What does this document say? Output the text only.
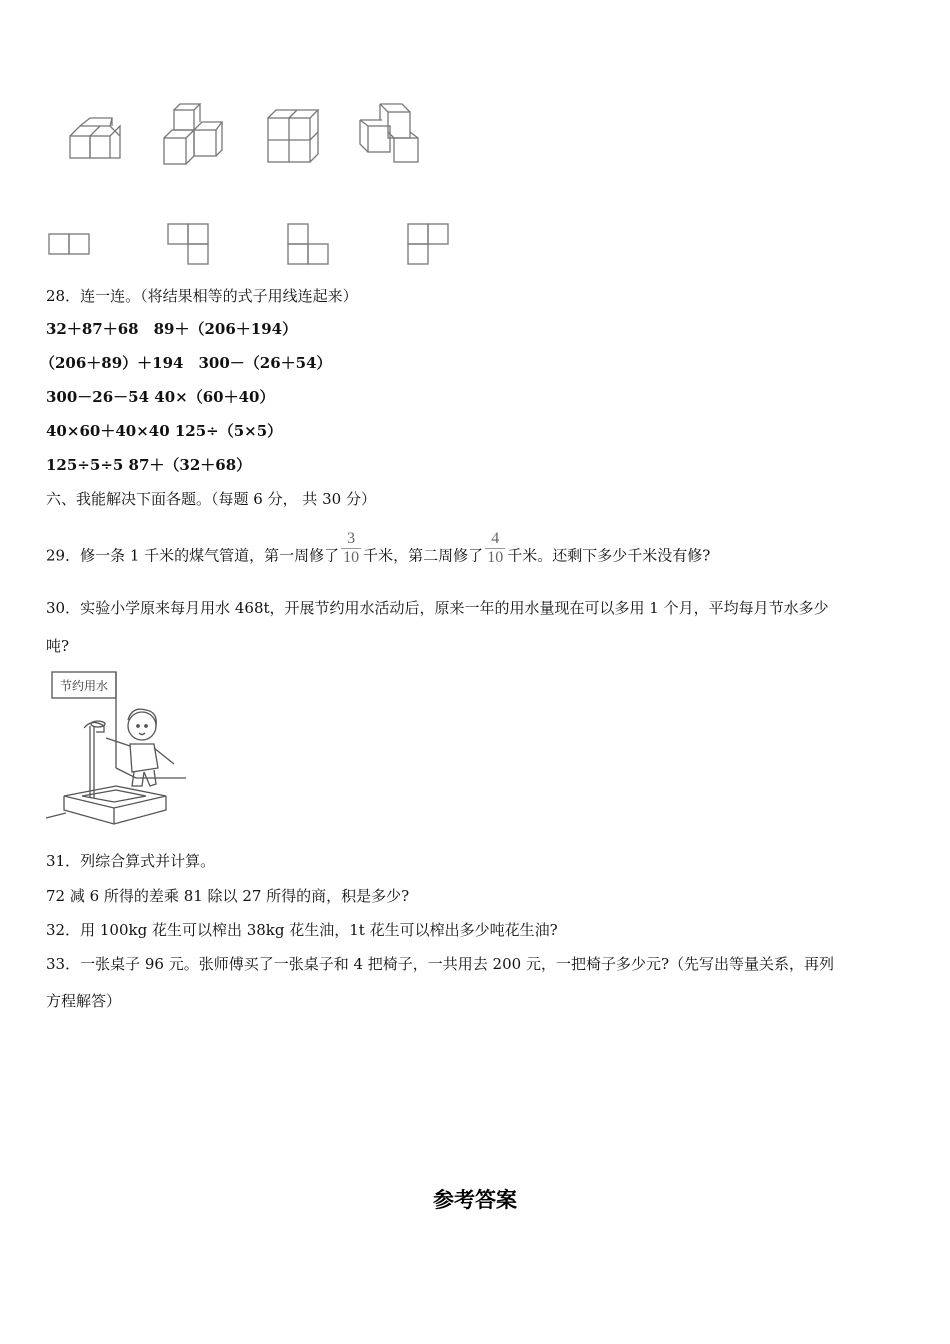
28．连一连。（将结果相等的式子用线连起来）
32＋87＋68　89＋（206＋194）
（206＋89）＋194　300－（26＋54）
300－26－54 40×（60＋40）
40×60＋40×40 125÷（5×5）
125÷5÷5 87＋（32＋68）
六、我能解决下面各题。（每题 6 分， 共 30 分）
29．修一条 1 千米的煤气管道，第一周修了 $\frac{3}{10}$ 千米，第二周修了 $\frac{4}{10}$ 千米。还剩下多少千米没有修?
30．实验小学原来每月用水 468t，开展节约用水活动后，原来一年的用水量现在可以多用 1 个月，平均每月节水多少
吨?
节约用水
31．列综合算式并计算。
72 减 6 所得的差乘 81 除以 27 所得的商，积是多少?
32．用 100kg 花生可以榨出 38kg 花生油，1t 花生可以榨出多少吨花生油?
33．一张桌子 96 元。张师傅买了一张桌子和 4 把椅子，一共用去 200 元，一把椅子多少元?（先写出等量关系，再列
方程解答）
参考答案
